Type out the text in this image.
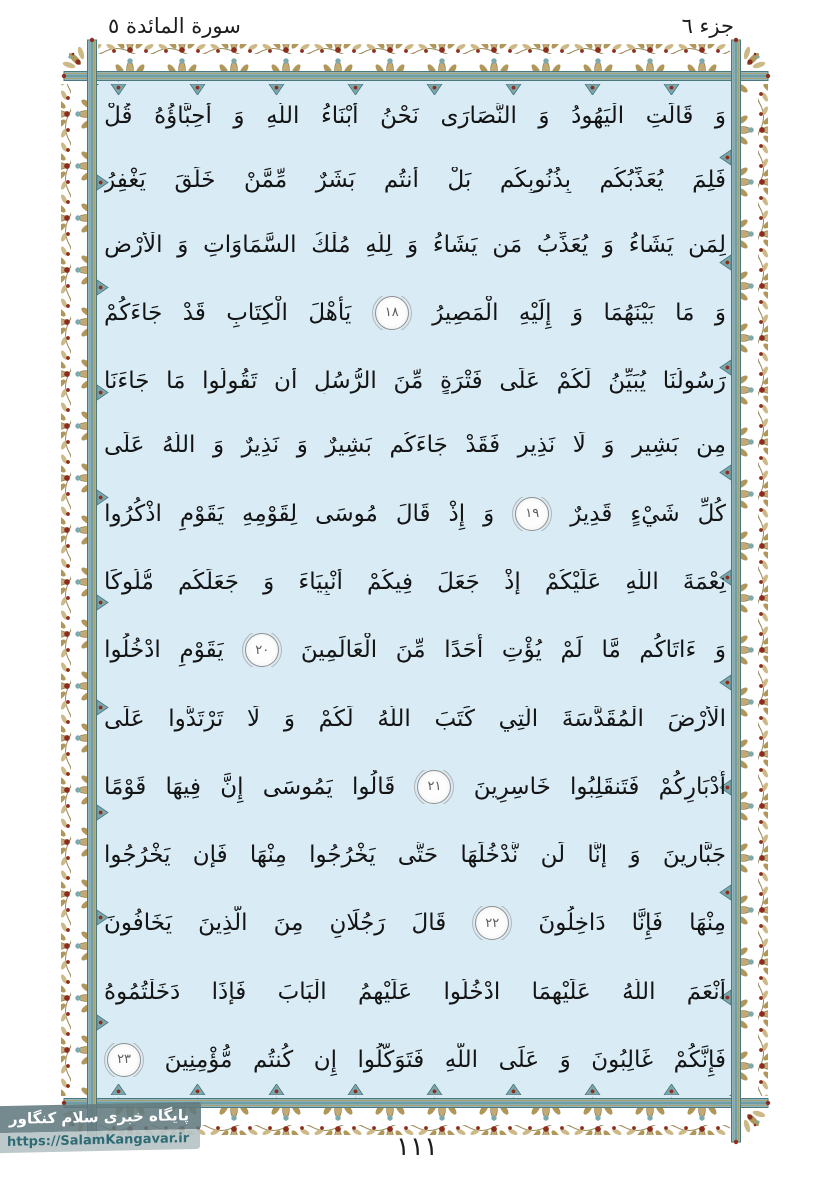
سورة المائدة ٥	جزء ٦
وَ
قَالَتِ
الْيَهُودُ
وَ
النَّصَارَى
نَحْنُ
أَبْنَاءُ
اللَّهِ
وَ
أَحِبَّاؤُهُ
قُلْ
فَلِمَ
يُعَذِّبُكُم
بِذُنُوبِكُم
بَلْ
أَنتُم
بَشَرٌ
مِّمَّنْ
خَلَقَ
يَغْفِرُ
لِمَن
يَشَاءُ
وَ
يُعَذِّبُ
مَن
يَشَاءُ
وَ
لِلَّهِ
مُلْكُ
السَّمَاوَاتِ
وَ
الْأَرْضِ
وَ
مَا
بَيْنَهُمَا
وَ
إِلَيْهِ
الْمَصِيرُ
١٨
يَأَهْلَ
الْكِتَابِ
قَدْ
جَاءَكُمْ
رَسُولُنَا
يُبَيِّنُ
لَكُمْ
عَلَى
فَتْرَةٍ
مِّنَ
الرُّسُلِ
أَن
تَقُولُوا
مَا
جَاءَنَا
مِن
بَشِيرٍ
وَ
لَا
نَذِيرٍ
فَقَدْ
جَاءَكُم
بَشِيرٌ
وَ
نَذِيرٌ
وَ
اللَّهُ
عَلَى
كُلِّ
شَيْءٍ
قَدِيرٌ
١٩
وَ
إِذْ
قَالَ
مُوسَى
لِقَوْمِهِ
يَقَوْمِ
اذْكُرُوا
نِعْمَةَ
اللَّهِ
عَلَيْكُمْ
إِذْ
جَعَلَ
فِيكُمْ
أَنْبِيَاءَ
وَ
جَعَلَكُم
مُّلُوكًا
وَ
ءَاتَاكُم
مَّا
لَمْ
يُؤْتِ
أَحَدًا
مِّنَ
الْعَالَمِينَ
٢٠
يَقَوْمِ
ادْخُلُوا
الْأَرْضَ
الْمُقَدَّسَةَ
الَّتِي
كَتَبَ
اللَّهُ
لَكُمْ
وَ
لَا
تَرْتَدُّوا
عَلَى
أَدْبَارِكُمْ
فَتَنقَلِبُوا
خَاسِرِينَ
٢١
قَالُوا
يَمُوسَى
إِنَّ
فِيهَا
قَوْمًا
جَبَّارِينَ
وَ
إِنَّا
لَن
نَّدْخُلَهَا
حَتَّى
يَخْرُجُوا
مِنْهَا
فَإِن
يَخْرُجُوا
مِنْهَا
فَإِنَّا
دَاخِلُونَ
٢٢
قَالَ
رَجُلَانِ
مِنَ
الَّذِينَ
يَخَافُونَ
أَنْعَمَ
اللَّهُ
عَلَيْهِمَا
ادْخُلُوا
عَلَيْهِمُ
الْبَابَ
فَإِذَا
دَخَلْتُمُوهُ
فَإِنَّكُمْ
غَالِبُونَ
وَ
عَلَى
اللَّهِ
فَتَوَكَّلُوا
إِن
كُنتُم
مُّؤْمِنِينَ
٢٣
١١١
پایگاه خبری سلام کنگاور
https://SalamKangavar.ir
